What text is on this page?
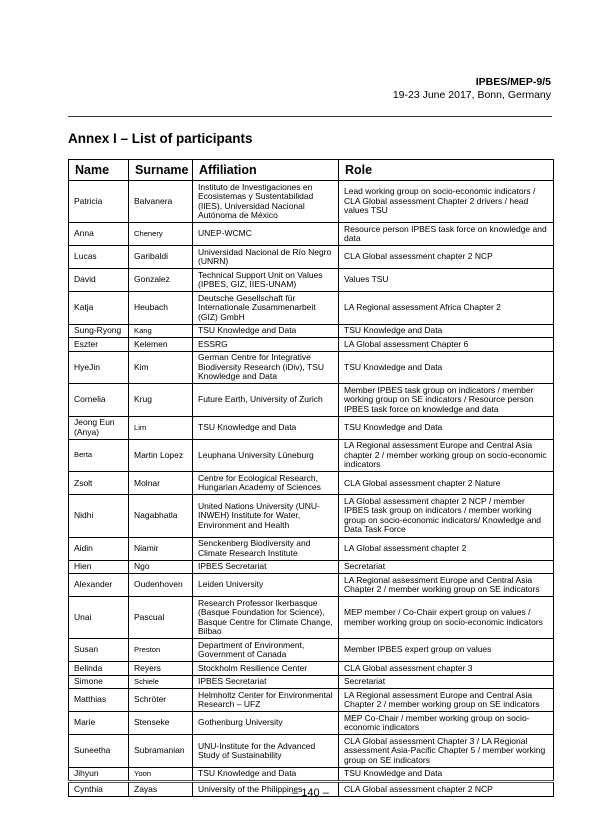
IPBES/MEP-9/5
19-23 June 2017, Bonn, Germany
Annex I – List of participants
Name	Surname	Affiliation	Role
Patricia	Balvanera	Instituto de Investigaciones en Ecosistemas y Sustentabilidad (IIES), Universidad Nacional Autónoma de México	Lead working group on socio-economic indicators / CLA Global assessment Chapter 2 drivers / head values TSU
Anna	Chenery	UNEP-WCMC	Resource person IPBES task force on knowledge and data
Lucas	Garibaldi	Universidad Nacional de Río Negro (UNRN)	CLA Global assessment chapter 2 NCP
David	Gonzalez	Technical Support Unit on Values (IPBES, GIZ, IIES-UNAM)	Values TSU
Katja	Heubach	Deutsche Gesellschaft für Internationale Zusammenarbeit (GIZ) GmbH	LA Regional assessment Africa Chapter 2
Sung-Ryong	Kang	TSU Knowledge and Data	TSU Knowledge and Data
Eszter	Kelemen	ESSRG	LA Global assessment Chapter 6
HyeJin	Kim	German Centre for Integrative Biodiversity Research (iDiv), TSU Knowledge and Data	TSU Knowledge and Data
Cornelia	Krug	Future Earth, University of Zurich	Member IPBES task group on indicators / member working group on SE indicators / Resource person IPBES task force on knowledge and data
Jeong Eun (Anya)	Lim	TSU Knowledge and Data	TSU Knowledge and Data
Berta	Martin Lopez	Leuphana University Lüneburg	LA Regional assessment Europe and Central Asia chapter 2 / member working group on socio-economic indicators
Zsolt	Molnar	Centre for Ecological Research, Hungarian Academy of Sciences	CLA Global assessment chapter 2 Nature
Nidhi	Nagabhatla	United Nations University (UNU-INWEH) Institute for Water, Environment and Health	LA Global assessment chapter 2 NCP / member IPBES task group on indicators / member working group on socio-economic indicators/ Knowledge and Data Task Force
Aidin	Niamir	Senckenberg Biodiversity and Climate Research Institute	LA Global assessment chapter 2
Hien	Ngo	IPBES Secretariat	Secretariat
Alexander	Oudenhoven	Leiden University	LA Regional assessment Europe and Central Asia Chapter 2 / member working group on SE indicators
Unai	Pascual	Research Professor Ikerbasque (Basque Foundation for Science), Basque Centre for Climate Change, Bilbao	MEP member / Co-Chair expert group on values / member working group on socio-economic indicators
Susan	Preston	Department of Environment, Government of Canada	Member IPBES expert group on values
Belinda	Reyers	Stockholm Resilience Center	CLA Global assessment chapter 3
Simone	Schiele	IPBES Secretariat	Secretariat
Matthias	Schröter	Helmholtz Center for Environmental Research – UFZ	LA Regional assessment Europe and Central Asia Chapter 2 / member working group on SE indicators
Marie	Stenseke	Gothenburg University	MEP Co-Chair / member working group on socio-economic indicators
Suneetha	Subramanian	UNU-Institute for the Advanced Study of Sustainability	CLA Global assessment Chapter 3 / LA Regional assessment Asia-Pacific Chapter 5 / member working group on SE indicators
Jihyun	Yoon	TSU Knowledge and Data	TSU Knowledge and Data
Cynthia	Zayas	University of the Philippines	CLA Global assessment chapter 2 NCP
– 140 –
